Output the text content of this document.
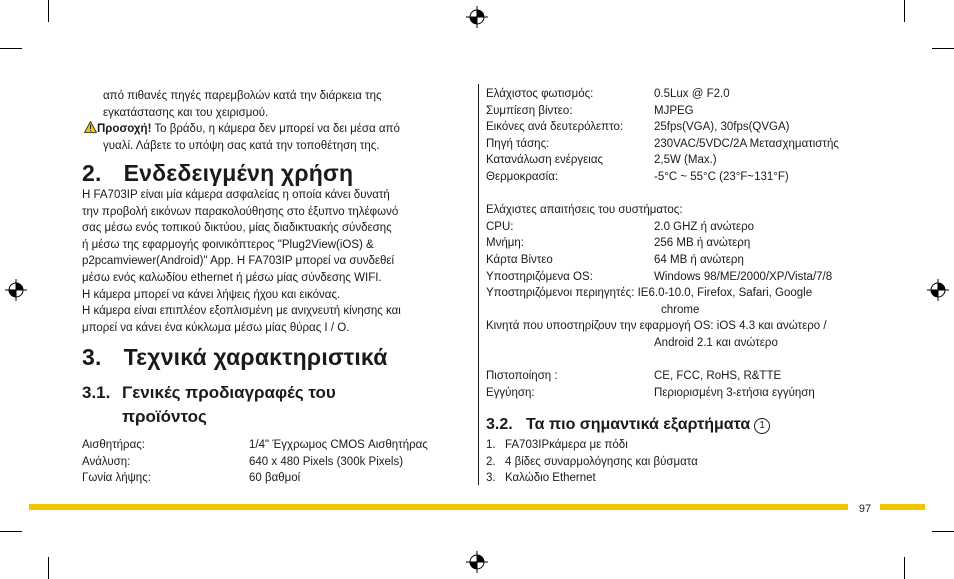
από πιθανές πηγές παρεμβολών κατά την διάρκεια της
εγκατάστασης και του χειρισμού.
Προσοχή! Το βράδυ, η κάμερα δεν μπορεί να δει μέσα από
γυαλί. Λάβετε το υπόψη σας κατά την τοποθέτηση της.
2. Ενδεδειγμένη χρήση
H FA703IP είναι μία κάμερα ασφαλείας η οποία κάνει δυνατή
την προβολή εικόνων παρακολούθησης στο έξυπνο τηλέφωνό
σας μέσω ενός τοπικού δικτύου, μίας διαδικτυακής σύνδεσης
ή μέσω της εφαρμογής φοινικόπτερος "Plug2View(iOS) &
p2pcamviewer(Android)" App. H FA703IP μπορεί να συνδεθεί
μέσω ενός καλωδίου ethernet ή μέσω μίας σύνδεσης WIFI.
Η κάμερα μπορεί να κάνει λήψεις ήχου και εικόνας.
H κάμερα είναι επιπλέον εξοπλισμένη με ανιχνευτή κίνησης και
μπορεί να κάνει ένα κύκλωμα μέσω μίας θύρας I / O.
3. Τεχνικά χαρακτηριστικά
3.1. Γενικές προδιαγραφές του
προϊόντος
Αισθητήρας:	1/4" Έγχρωμος CMOS Αισθητήρας
Ανάλυση:	640 x 480 Pixels (300k Pixels)
Γωνία λήψης:	60 βαθμοί
Ελάχιστος φωτισμός:	0.5Lux @ F2.0
Συμπίεση βίντεο:	MJPEG
Εικόνες ανά δευτερόλεπτο:	25fps(VGA), 30fps(QVGA)
Πηγή τάσης:	230VAC/5VDC/2A Μετασχηματιστής
Κατανάλωση ενέργειας	2,5W (Max.)
Θερμοκρασία:	-5°C ~ 55°C (23°F~131°F)
Ελάχιστες απαιτήσεις του συστήματος:
CPU:	2.0 GHZ ή ανώτερο
Μνήμη:	256 MB ή ανώτερη
Κάρτα Βίντεο	64 MB ή ανώτερη
Υποστηριζόμενα OS:	Windows 98/ME/2000/XP/Vista/7/8
Υποστηριζόμενοι περιηγητές: IE6.0-10.0, Firefox, Safari, Google
chrome
Κινητά που υποστηρίζουν την εφαρμογή OS: iOS 4.3 και ανώτερο /
Android 2.1 και ανώτερο
Πιστοποίηση :	CE, FCC, RoHS, R&TTE
Εγγύηση:	Περιορισμένη 3-ετήσια εγγύηση
3.2. Τα πιο σημαντικά εξαρτήματα 1
1. FA703IPκάμερα με πόδι
2. 4 βίδες συναρμολόγησης και βύσματα
3. Καλώδιο Ethernet
97
